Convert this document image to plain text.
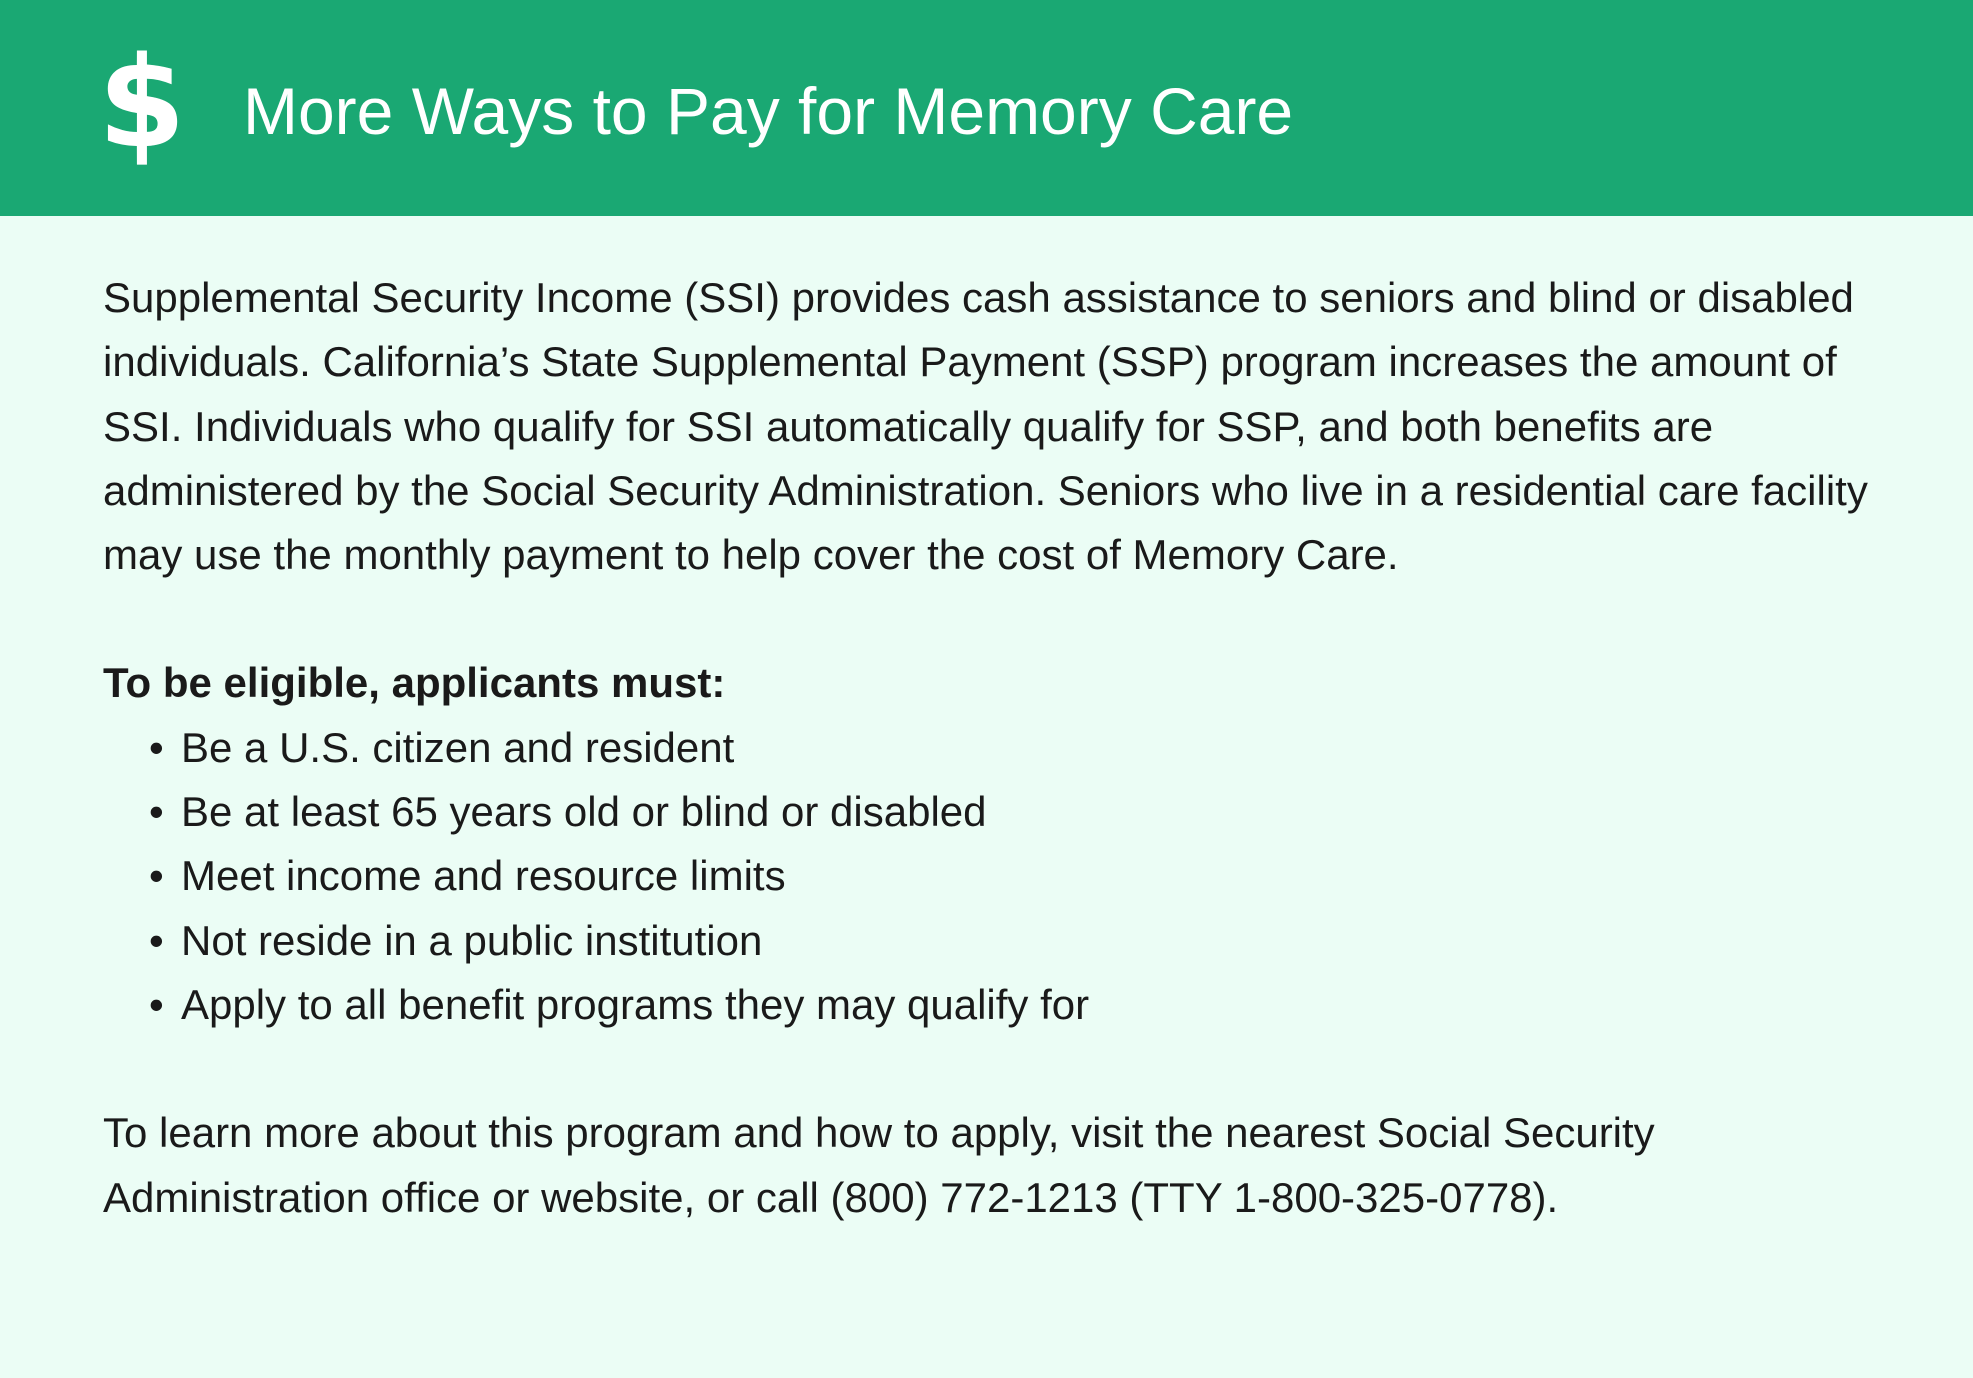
$ More Ways to Pay for Memory Care

Supplemental Security Income (SSI) provides cash assistance to seniors and blind or disabled individuals. California’s State Supplemental Payment (SSP) program increases the amount of SSI. Individuals who qualify for SSI automatically qualify for SSP, and both benefits are administered by the Social Security Administration. Seniors who live in a residential care facility may use the monthly payment to help cover the cost of Memory Care.

To be eligible, applicants must:

• Be a U.S. citizen and resident
• Be at least 65 years old or blind or disabled
• Meet income and resource limits
• Not reside in a public institution
• Apply to all benefit programs they may qualify for

To learn more about this program and how to apply, visit the nearest Social Security Administration office or website, or call (800) 772-1213 (TTY 1-800-325-0778).
